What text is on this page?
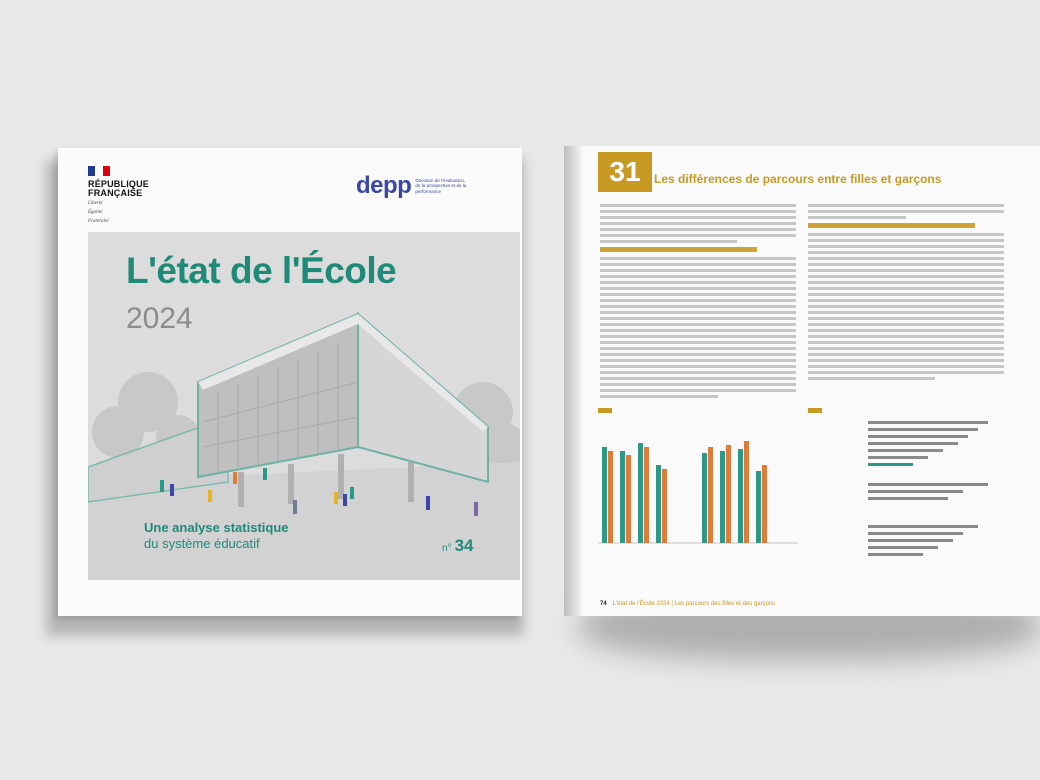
RÉPUBLIQUE
FRANÇAISE
Liberté
Égalité
Fraternité
depp Direction de l'évaluation, de la prospective et de la performance
L'état de l'École
2024
Une analyse statistique
du système éducatif	n° 34
31	Les différences de parcours entre filles et garçons
74 L'état de l'École 2024 | Les parcours des filles et des garçons
